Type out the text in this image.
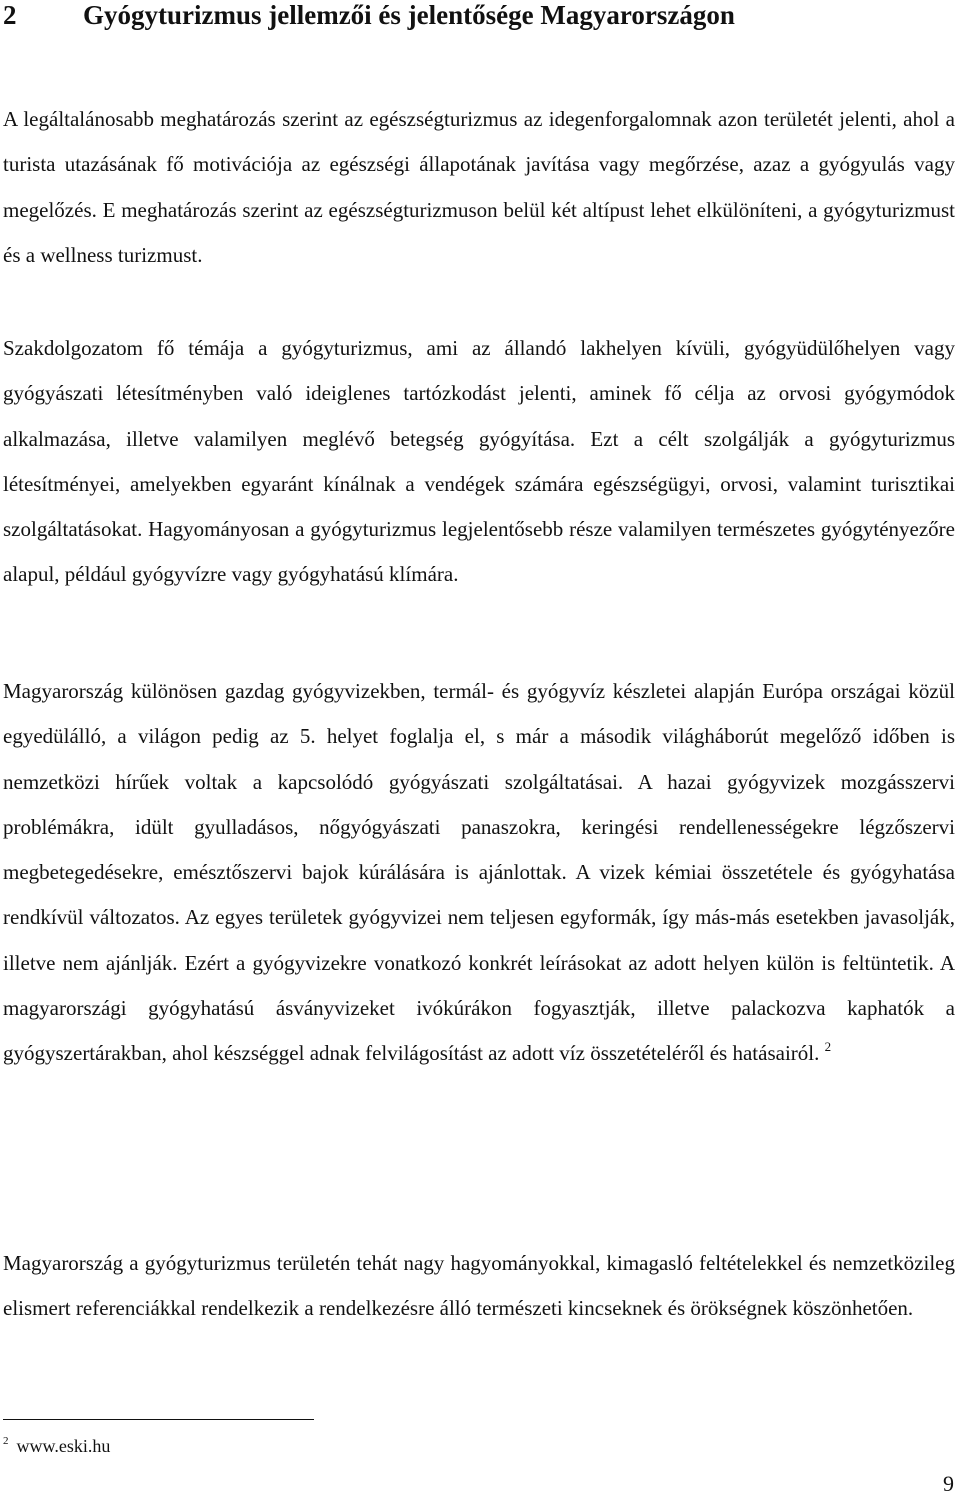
2 Gyógyturizmus jellemzői és jelentősége Magyarországon

A legáltalánosabb meghatározás szerint az egészségturizmus az idegenforgalomnak azon területét jelenti, ahol a turista utazásának fő motivációja az egészségi állapotának javítása vagy megőrzése, azaz a gyógyulás vagy megelőzés. E meghatározás szerint az egészségturizmuson belül két altípust lehet elkülöníteni, a gyógyturizmust és a wellness turizmust.

Szakdolgozatom fő témája a gyógyturizmus, ami az állandó lakhelyen kívüli, gyógyüdülőhelyen vagy gyógyászati létesítményben való ideiglenes tartózkodást jelenti, aminek fő célja az orvosi gyógymódok alkalmazása, illetve valamilyen meglévő betegség gyógyítása. Ezt a célt szolgálják a gyógyturizmus létesítményei, amelyekben egyaránt kínálnak a vendégek számára egészségügyi, orvosi, valamint turisztikai szolgáltatásokat. Hagyományosan a gyógyturizmus legjelentősebb része valamilyen természetes gyógytényezőre alapul, például gyógyvízre vagy gyógyhatású klímára.

Magyarország különösen gazdag gyógyvizekben, termál- és gyógyvíz készletei alapján Európa országai közül egyedülálló, a világon pedig az 5. helyet foglalja el, s már a második világháborút megelőző időben is nemzetközi hírűek voltak a kapcsolódó gyógyászati szolgáltatásai. A hazai gyógyvizek mozgásszervi problémákra, idült gyulladásos, nőgyógyászati panaszokra, keringési rendellenességekre légzőszervi megbetegedésekre, emésztőszervi bajok kúrálására is ajánlottak. A vizek kémiai összetétele és gyógyhatása rendkívül változatos. Az egyes területek gyógyvizei nem teljesen egyformák, így más-más esetekben javasolják, illetve nem ajánlják. Ezért a gyógyvizekre vonatkozó konkrét leírásokat az adott helyen külön is feltüntetik. A magyarországi gyógyhatású ásványvizeket ivókúrákon fogyasztják, illetve palackozva kaphatók a gyógyszertárakban, ahol készséggel adnak felvilágosítást az adott víz összetételéről és hatásairól. $^2$

Magyarország a gyógyturizmus területén tehát nagy hagyományokkal, kimagasló feltételekkel és nemzetközileg elismert referenciákkal rendelkezik a rendelkezésre álló természeti kincseknek és örökségnek köszönhetően.

$^2$ www.eski.hu
9
